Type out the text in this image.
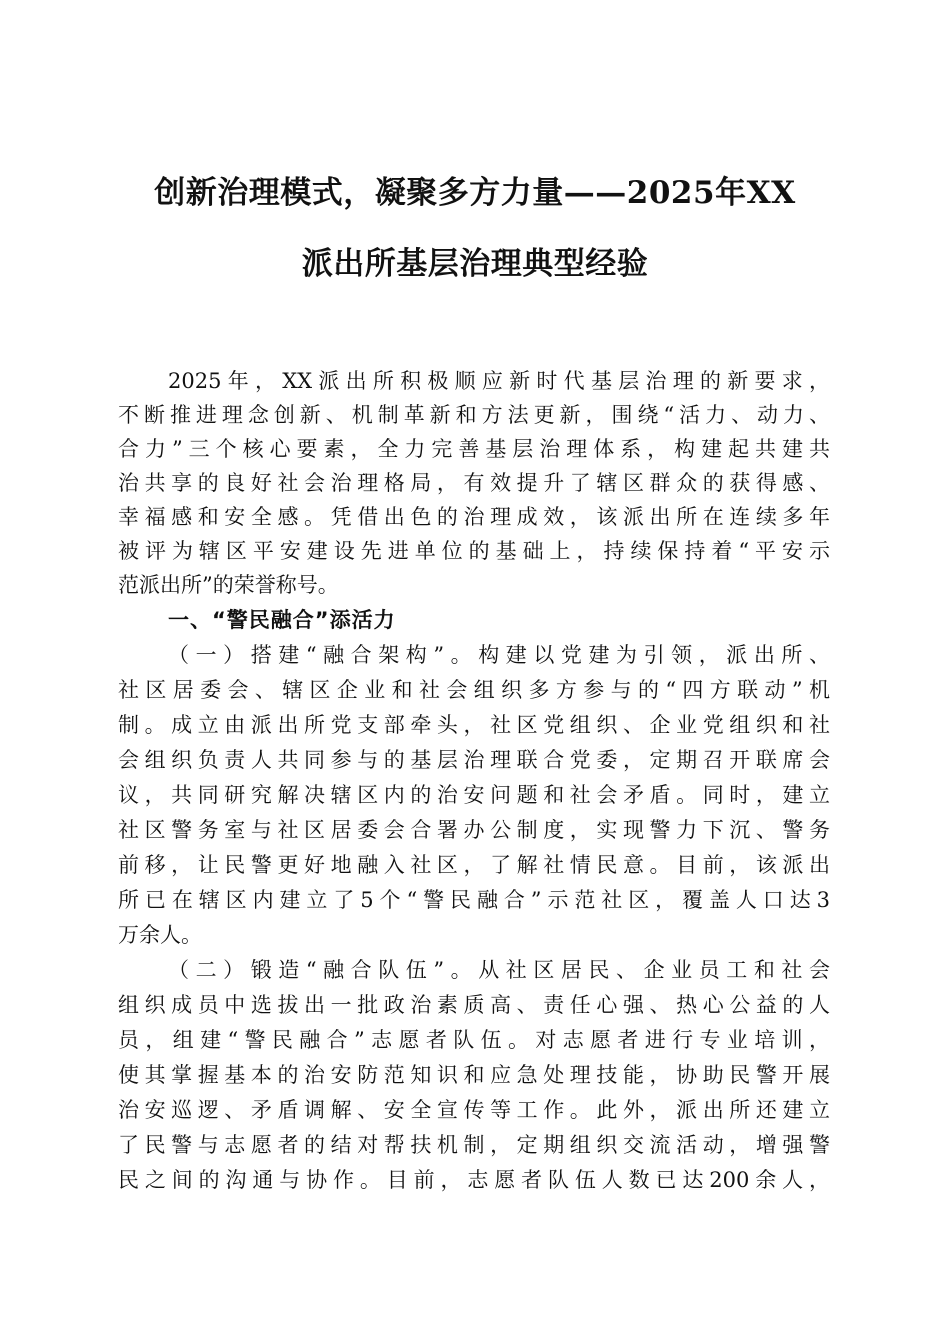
创新治理模式，凝聚多方力量——2025年XX
派出所基层治理典型经验
2025年，XX派出所积极顺应新时代基层治理的新要求，
不断推进理念创新、机制革新和方法更新，围绕“活力、动力、
合力”三个核心要素，全力完善基层治理体系，构建起共建共
治共享的良好社会治理格局，有效提升了辖区群众的获得感、
幸福感和安全感。凭借出色的治理成效，该派出所在连续多年
被评为辖区平安建设先进单位的基础上，持续保持着“平安示
范派出所”的荣誉称号。
一、“警民融合”添活力
（一）搭建“融合架构”。构建以党建为引领，派出所、
社区居委会、辖区企业和社会组织多方参与的“四方联动”机
制。成立由派出所党支部牵头，社区党组织、企业党组织和社
会组织负责人共同参与的基层治理联合党委，定期召开联席会
议，共同研究解决辖区内的治安问题和社会矛盾。同时，建立
社区警务室与社区居委会合署办公制度，实现警力下沉、警务
前移，让民警更好地融入社区，了解社情民意。目前，该派出
所已在辖区内建立了5个“警民融合”示范社区，覆盖人口达3
万余人。
（二）锻造“融合队伍”。从社区居民、企业员工和社会
组织成员中选拔出一批政治素质高、责任心强、热心公益的人
员，组建“警民融合”志愿者队伍。对志愿者进行专业培训，
使其掌握基本的治安防范知识和应急处理技能，协助民警开展
治安巡逻、矛盾调解、安全宣传等工作。此外，派出所还建立
了民警与志愿者的结对帮扶机制，定期组织交流活动，增强警
民之间的沟通与协作。目前，志愿者队伍人数已达200余人，
